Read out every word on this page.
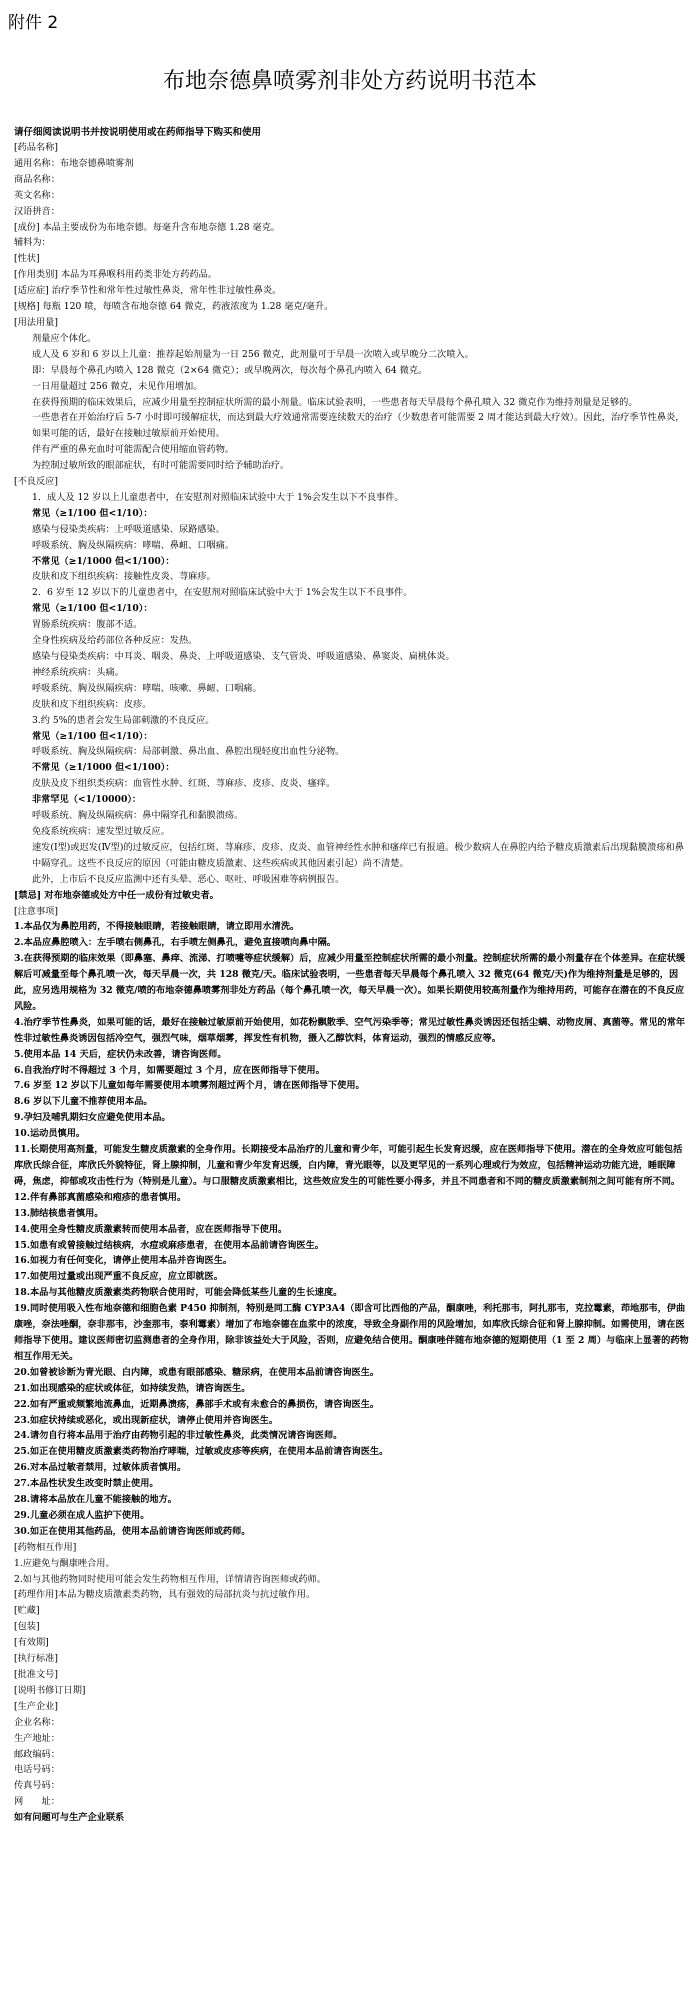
附件 2
布地奈德鼻喷雾剂非处方药说明书范本
请仔细阅读说明书并按说明使用或在药师指导下购买和使用
[药品名称]
通用名称：布地奈德鼻喷雾剂
商品名称：
英文名称：
汉语拼音：
[成份] 本品主要成份为布地奈德。每毫升含布地奈德 1.28 毫克。
辅料为：
[性状]
[作用类别] 本品为耳鼻喉科用药类非处方药药品。
[适应症] 治疗季节性和常年性过敏性鼻炎，常年性非过敏性鼻炎。
[规格] 每瓶 120 喷，每喷含布地奈德 64 微克，药液浓度为 1.28 毫克/毫升。
[用法用量]
剂量应个体化。
成人及 6 岁和 6 岁以上儿童：推荐起始剂量为一日 256 微克，此剂量可于早晨一次喷入或早晚分二次喷入。
即：早晨每个鼻孔内喷入 128 微克（2×64 微克）；或早晚两次，每次每个鼻孔内喷入 64 微克。
一日用量超过 256 微克，未见作用增加。
在获得预期的临床效果后，应减少用量至控制症状所需的最小剂量。临床试验表明，一些患者每天早晨每个鼻孔喷入 32 微克作为维持剂量是足够的。
一些患者在开始治疗后 5-7 小时即可缓解症状，而达到最大疗效通常需要连续数天的治疗（少数患者可能需要 2 周才能达到最大疗效）。因此，治疗季节性鼻炎，如果可能的话，最好在接触过敏原前开始使用。
伴有严重的鼻充血时可能需配合使用缩血管药物。
为控制过敏所致的眼部症状，有时可能需要同时给予辅助治疗。
[不良反应]
1．成人及 12 岁以上儿童患者中，在安慰剂对照临床试验中大于 1%会发生以下不良事件。
常见（≥1/100 但<1/10）：
感染与侵染类疾病：上呼吸道感染、尿路感染。
呼吸系统、胸及纵隔疾病：哮喘、鼻衄、口咽痛。
不常见（≥1/1000 但<1/100）：
皮肤和皮下组织疾病：接触性皮炎、荨麻疹。
2．6 岁至 12 岁以下的儿童患者中，在安慰剂对照临床试验中大于 1%会发生以下不良事件。
常见（≥1/100 但<1/10）：
胃肠系统疾病：腹部不适。
全身性疾病及给药部位各种反应：发热。
感染与侵染类疾病：中耳炎、咽炎、鼻炎、上呼吸道感染、支气管炎、呼吸道感染、鼻窦炎、扁桃体炎。
神经系统疾病：头痛。
呼吸系统、胸及纵隔疾病：哮喘、咳嗽、鼻衄、口咽痛。
皮肤和皮下组织疾病：皮疹。
3.约 5%的患者会发生局部刺激的不良反应。
常见（≥1/100 但<1/10）：
呼吸系统、胸及纵隔疾病：局部刺激、鼻出血、鼻腔出现轻度出血性分泌物。
不常见（≥1/1000 但<1/100）：
皮肤及皮下组织类疾病：血管性水肿、红斑、荨麻疹、皮疹、皮炎、瘙痒。
非常罕见（<1/10000）：
呼吸系统、胸及纵隔疾病：鼻中隔穿孔和黏膜溃疡。
免疫系统疾病：速发型过敏反应。
速发(Ⅰ型)或迟发(Ⅳ型)的过敏反应，包括红斑、荨麻疹、皮疹、皮炎、血管神经性水肿和瘙痒已有报道。极少数病人在鼻腔内给予糖皮质激素后出现黏膜溃疡和鼻中隔穿孔。这些不良反应的原因（可能由糖皮质激素、这些疾病或其他因素引起）尚不清楚。
此外，上市后不良反应监测中还有头晕、恶心、呕吐、呼吸困难等病例报告。
[禁忌] 对布地奈德或处方中任一成份有过敏史者。
[注意事项]
1.本品仅为鼻腔用药，不得接触眼睛，若接触眼睛，请立即用水清洗。
2.本品应鼻腔喷入：左手喷右侧鼻孔，右手喷左侧鼻孔，避免直接喷向鼻中隔。
3.在获得预期的临床效果（即鼻塞、鼻痒、流涕、打喷嚏等症状缓解）后，应减少用量至控制症状所需的最小剂量。控制症状所需的最小剂量存在个体差异。在症状缓解后可减量至每个鼻孔喷一次，每天早晨一次，共 128 微克/天。临床试验表明，一些患者每天早晨每个鼻孔喷入 32 微克(64 微克/天)作为维持剂量是足够的，因此，应另选用规格为 32 微克/喷的布地奈德鼻喷雾剂非处方药品（每个鼻孔喷一次，每天早晨一次）。如果长期使用较高剂量作为维持用药，可能存在潜在的不良反应风险。
4.治疗季节性鼻炎，如果可能的话，最好在接触过敏原前开始使用，如花粉飘散季、空气污染季等；常见过敏性鼻炎诱因还包括尘螨、动物皮屑、真菌等。常见的常年性非过敏性鼻炎诱因包括冷空气，强烈气味，烟草烟雾，挥发性有机物，摄入乙醇饮料，体育运动，强烈的情感反应等。
5.使用本品 14 天后，症状仍未改善，请咨询医师。
6.自我治疗时不得超过 3 个月，如需要超过 3 个月，应在医师指导下使用。
7.6 岁至 12 岁以下儿童如每年需要使用本喷雾剂超过两个月，请在医师指导下使用。
8.6 岁以下儿童不推荐使用本品。
9.孕妇及哺乳期妇女应避免使用本品。
10.运动员慎用。
11.长期使用高剂量，可能发生糖皮质激素的全身作用。长期接受本品治疗的儿童和青少年，可能引起生长发育迟缓，应在医师指导下使用。潜在的全身效应可能包括库欣氏综合征，库欣氏外貌特征，肾上腺抑制，儿童和青少年发育迟缓，白内障，青光眼等，以及更罕见的一系列心理或行为效应，包括精神运动功能亢进，睡眠障碍，焦虑，抑郁或攻击性行为（特别是儿童）。与口服糖皮质激素相比，这些效应发生的可能性要小得多，并且不同患者和不同的糖皮质激素制剂之间可能有所不同。
12.伴有鼻部真菌感染和疱疹的患者慎用。
13.肺结核患者慎用。
14.使用全身性糖皮质激素转而使用本品者，应在医师指导下使用。
15.如患有或曾接触过结核病，水痘或麻疹患者，在使用本品前请咨询医生。
16.如视力有任何变化，请停止使用本品并咨询医生。
17.如使用过量或出现严重不良反应，应立即就医。
18.本品与其他糖皮质激素类药物联合使用时，可能会降低某些儿童的生长速度。
19.同时使用吸入性布地奈德和细胞色素 P450 抑制剂，特别是同工酶 CYP3A4（即含可比西他的产品，酮康唑，利托那韦，阿扎那韦，克拉霉素，茚地那韦，伊曲康唑，奈法唑酮，奈非那韦，沙奎那韦，泰利霉素）增加了布地奈德在血浆中的浓度，导致全身副作用的风险增加，如库欣氏综合征和肾上腺抑制。如需使用，请在医师指导下使用。建议医师密切监测患者的全身作用，除非该益处大于风险，否则，应避免结合使用。酮康唑伴随布地奈德的短期使用（1 至 2 周）与临床上显著的药物相互作用无关。
20.如曾被诊断为青光眼、白内障，或患有眼部感染、糖尿病，在使用本品前请咨询医生。
21.如出现感染的症状或体征，如持续发热，请咨询医生。
22.如有严重或频繁地流鼻血，近期鼻溃疡，鼻部手术或有未愈合的鼻损伤，请咨询医生。
23.如症状持续或恶化，或出现新症状，请停止使用并咨询医生。
24.请勿自行将本品用于治疗由药物引起的非过敏性鼻炎，此类情况请咨询医师。
25.如正在使用糖皮质激素类药物治疗哮喘，过敏或皮疹等疾病，在使用本品前请咨询医生。
26.对本品过敏者禁用，过敏体质者慎用。
27.本品性状发生改变时禁止使用。
28.请将本品放在儿童不能接触的地方。
29.儿童必须在成人监护下使用。
30.如正在使用其他药品，使用本品前请咨询医师或药师。
[药物相互作用]
1.应避免与酮康唑合用。
2.如与其他药物同时使用可能会发生药物相互作用，详情请咨询医师或药师。
[药理作用]本品为糖皮质激素类药物，具有强效的局部抗炎与抗过敏作用。
[贮藏]
[包装]
[有效期]
[执行标准]
[批准文号]
[说明书修订日期]
[生产企业]
企业名称：
生产地址：
邮政编码：
电话号码：
传真号码：
网　　址：
如有问题可与生产企业联系
